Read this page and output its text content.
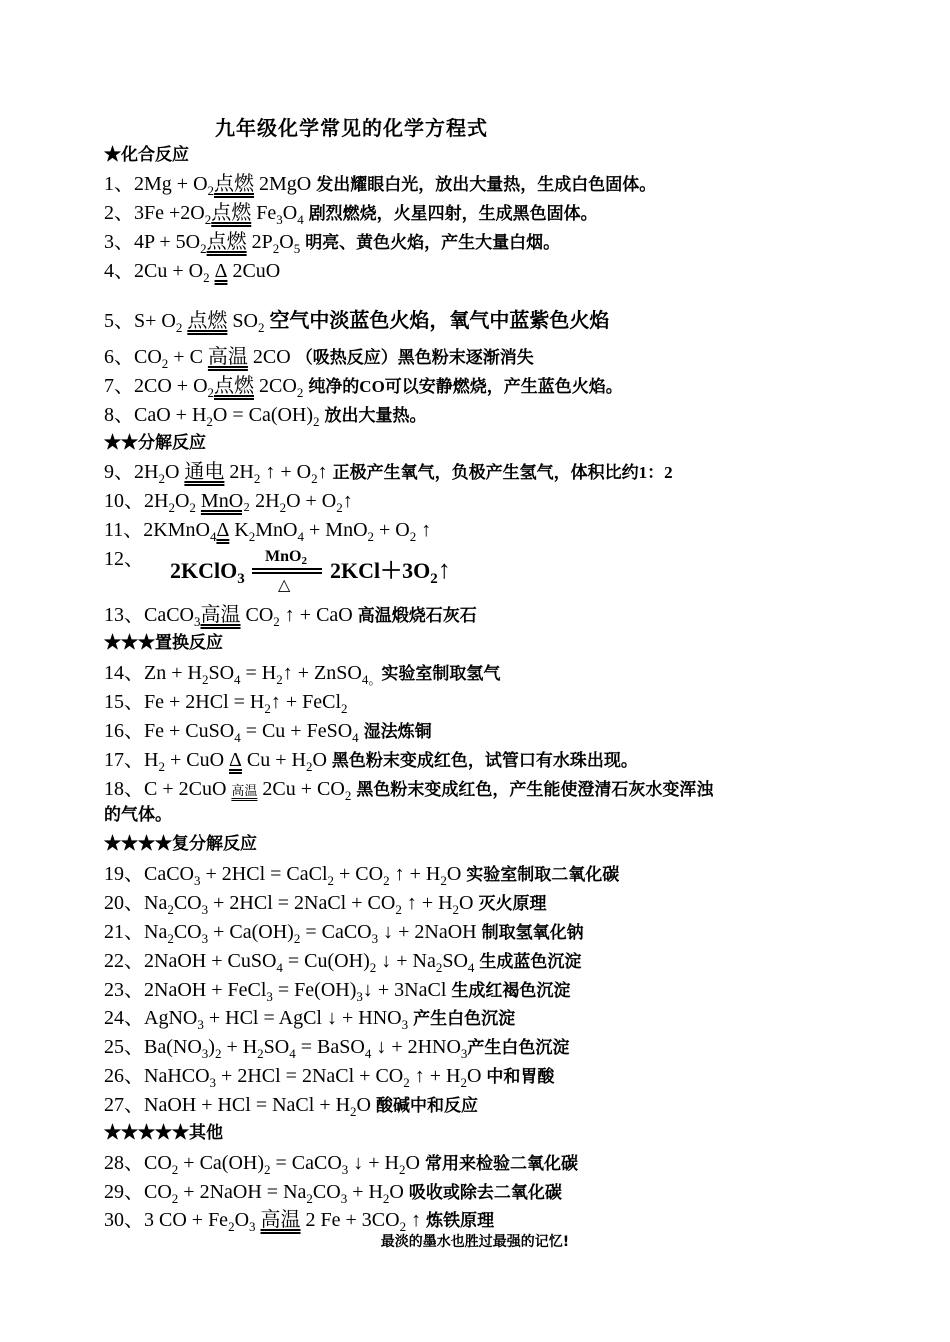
九年级化学常见的化学方程式
★化合反应
1、$2Mg + O_2$点燃 2MgO 发出耀眼白光，放出大量热，生成白色固体。
2、$3Fe +2O_2$点燃 $Fe_3O_4$ 剧烈燃烧，火星四射，生成黑色固体。
3、$4P + 5O_2$点燃 $2P_2O_5$ 明亮、黄色火焰，产生大量白烟。
4、$2Cu + O_2$ Δ 2CuO
5、$S+ O_2$ 点燃 $SO_2$ 空气中淡蓝色火焰，氧气中蓝紫色火焰
6、$CO_2 + C$ 高温 2CO （吸热反应）黑色粉末逐渐消失
7、$2CO + O_2$点燃 $2CO_2$ 纯净的CO可以安静燃烧，产生蓝色火焰。
8、CaO + $H_2O = Ca(OH)_2$ 放出大量热。
★★分解反应
9、$2H_2O$ 通电 $2H_2$ ↑ + $O_2↑$ 正极产生氧气，负极产生氢气，体积比约1：2
10、$2H_2O_2$ MnO₂ $2H_2O$ + $O_2↑$
11、2KMnO$_4$Δ $K_2MnO_4 + MnO_2 + O_2$ ↑
12、
13、CaCO$_3$高温 $CO_2$ ↑ + CaO 高温煅烧石灰石
★★★置换反应
14、$Zn + H_2SO_4$ = $H_2↑$ + ZnSO$_{4。}$实验室制取氢气
15、$Fe + 2HCl = H_2↑$ + FeCl$_2$
16、Fe + CuSO$_4$ = Cu + FeSO$_4$ 湿法炼铜
17、$H_2$ + CuO Δ $Cu + H_2O$ 黑色粉末变成红色，试管口有水珠出现。
18、C + 2CuO 高温 $2Cu + CO_2$ 黑色粉末变成红色，产生能使澄清石灰水变浑浊
的气体。
★★★★复分解反应
19、CaCO$_3$ + 2HCl = CaCl$_2$ + $CO_2$ ↑ + $H_2O$ 实验室制取二氧化碳
20、$Na_2CO_3 + 2HCl$ = 2NaCl + $CO_2$ ↑ + $H_2O$ 灭火原理
21、$Na_2CO_3 + Ca(OH)_2$ = CaCO$_3$ ↓ + 2NaOH 制取氢氧化钠
22、2NaOH + CuSO$_4$ = $Cu(OH)_2$ ↓ + $Na_2SO_4$ 生成蓝色沉淀
23、2NaOH + FeCl$_3$ = $Fe(OH)_3↓$ + 3NaCl 生成红褐色沉淀
24、AgNO$_3$ + HCl = AgCl ↓ + $HNO_3$ 产生白色沉淀
25、$Ba(NO_3)_2 + H_2SO_4$ = BaSO$_4$ ↓ + $2HNO_3$产生白色沉淀
26、NaHCO$_3$ + 2HCl = 2NaCl + $CO_2$ ↑ + $H_2O$ 中和胃酸
27、NaOH + HCl = NaCl + $H_2O$ 酸碱中和反应
★★★★★其他
28、$CO_2 + Ca(OH)_2$ = CaCO$_3$ ↓ + $H_2O$ 常用来检验二氧化碳
29、$CO_2$ + 2NaOH = $Na_2CO_3 + H_2O$ 吸收或除去二氧化碳
30、3 CO + $Fe_2O_3$ 高温 2 $Fe + 3CO_2$ ↑ 炼铁原理
2KClO$_3$
MnO2
△
$2KCl+3O_2↑$
最淡的墨水也胜过最强的记忆!
